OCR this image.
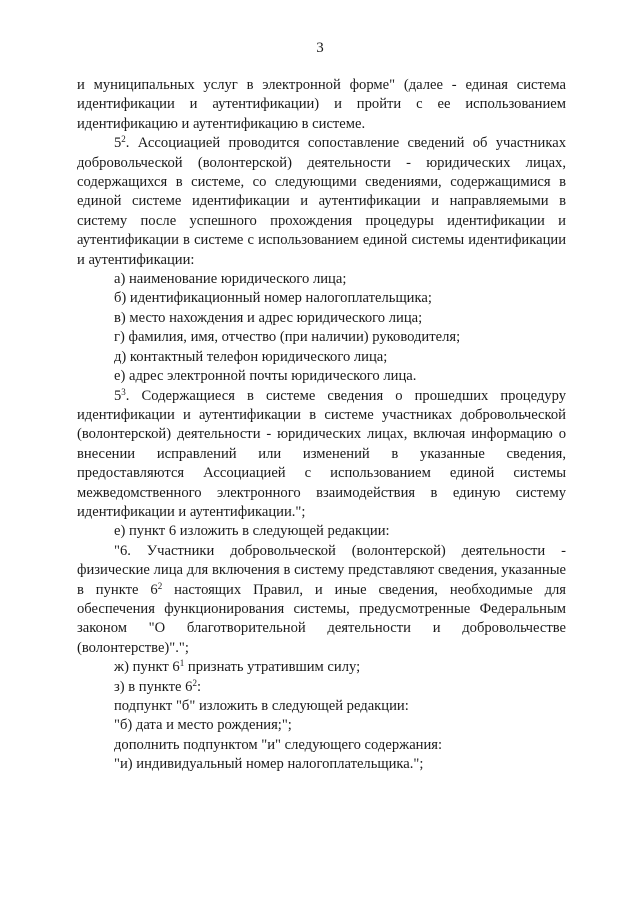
3

и муниципальных услуг в электронной форме" (далее - единая система идентификации и аутентификации) и пройти с ее использованием идентификацию и аутентификацию в системе.

$5^2$. Ассоциацией проводится сопоставление сведений об участниках добровольческой (волонтерской) деятельности - юридических лицах, содержащихся в системе, со следующими сведениями, содержащимися в единой системе идентификации и аутентификации и направляемыми в систему после успешного прохождения процедуры идентификации и аутентификации в системе с использованием единой системы идентификации и аутентификации:

а) наименование юридического лица;

б) идентификационный номер налогоплательщика;

в) место нахождения и адрес юридического лица;

г) фамилия, имя, отчество (при наличии) руководителя;

д) контактный телефон юридического лица;

е) адрес электронной почты юридического лица.

$5^3$. Содержащиеся в системе сведения о прошедших процедуру идентификации и аутентификации в системе участниках добровольческой (волонтерской) деятельности - юридических лицах, включая информацию о внесении исправлений или изменений в указанные сведения, предоставляются Ассоциацией с использованием единой системы межведомственного электронного взаимодействия в единую систему идентификации и аутентификации.";

е) пункт 6 изложить в следующей редакции:

"6. Участники добровольческой (волонтерской) деятельности - физические лица для включения в систему представляют сведения, указанные в пункте $6^2$ настоящих Правил, и иные сведения, необходимые для обеспечения функционирования системы, предусмотренные Федеральным законом "О благотворительной деятельности и добровольчестве (волонтерстве)".";

ж) пункт $6^1$ признать утратившим силу;

з) в пункте $6^2$:

подпункт "б" изложить в следующей редакции:

"б) дата и место рождения;";

дополнить подпунктом "и" следующего содержания:

"и) индивидуальный номер налогоплательщика.";
